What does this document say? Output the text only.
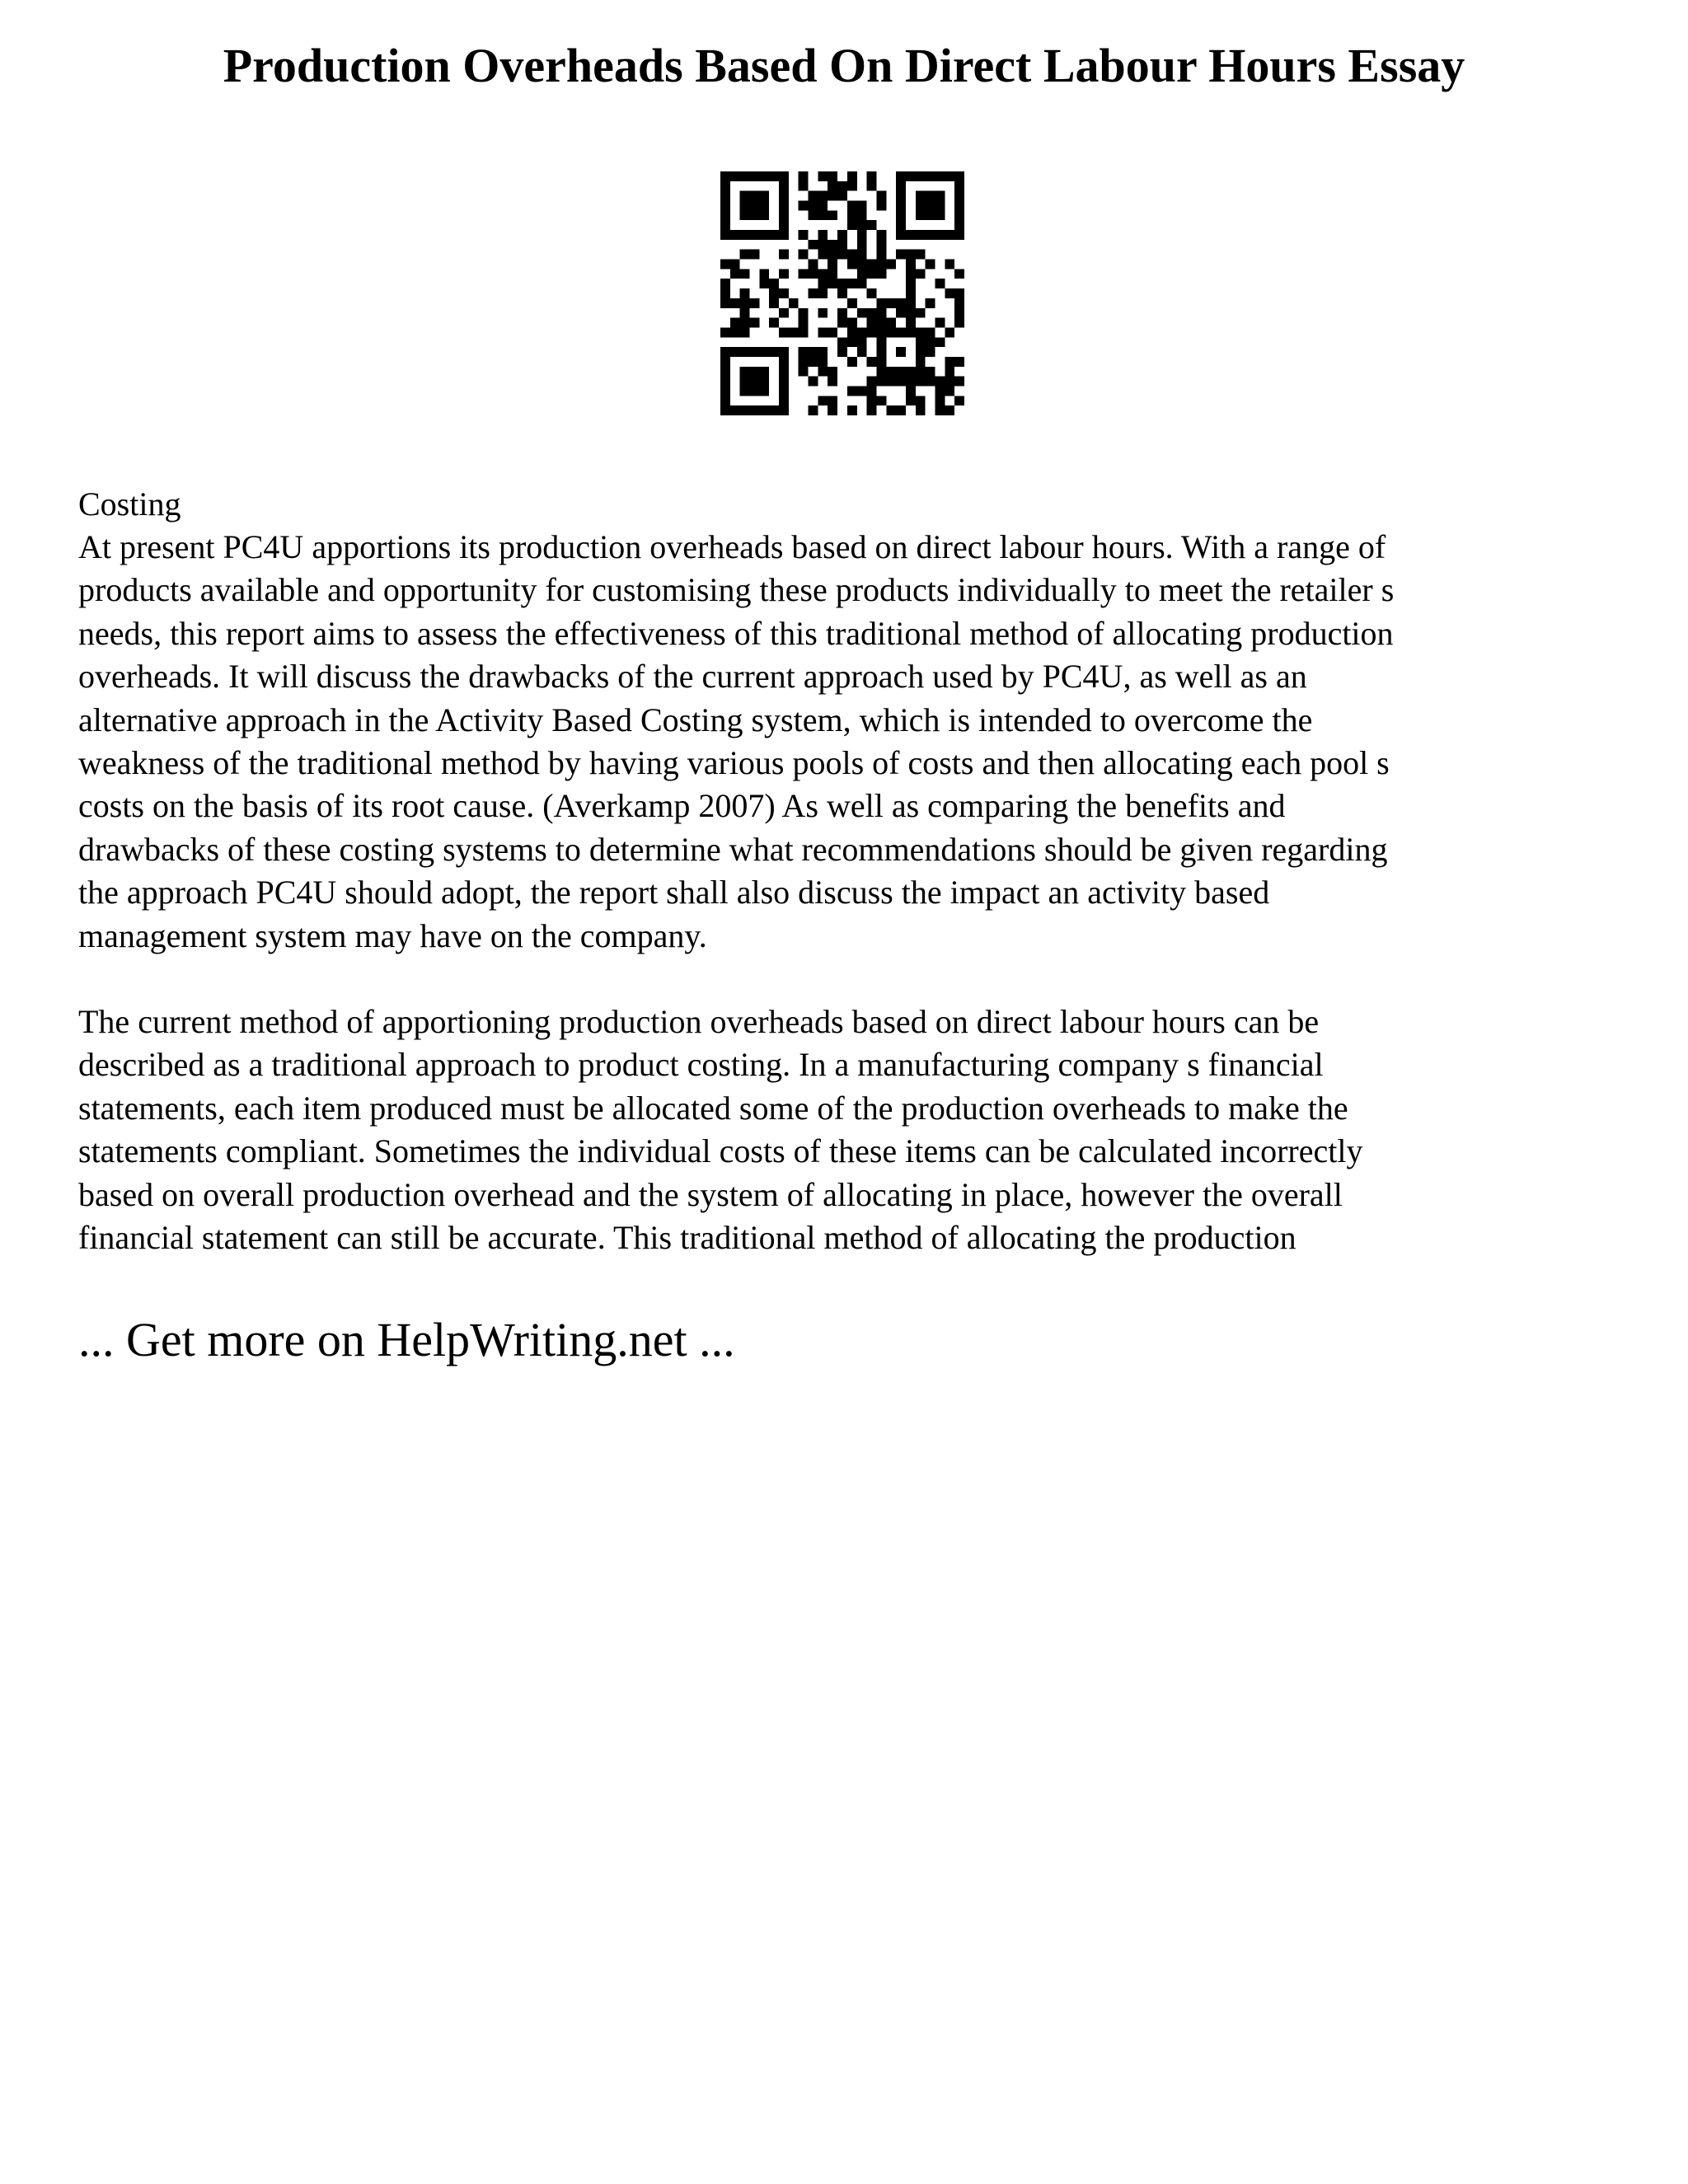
Production Overheads Based On Direct Labour Hours Essay

Costing

At present PC4U apportions its production overheads based on direct labour hours. With a range of
products available and opportunity for customising these products individually to meet the retailer s
needs, this report aims to assess the effectiveness of this traditional method of allocating production
overheads. It will discuss the drawbacks of the current approach used by PC4U, as well as an
alternative approach in the Activity Based Costing system, which is intended to overcome the
weakness of the traditional method by having various pools of costs and then allocating each pool s
costs on the basis of its root cause. (Averkamp 2007) As well as comparing the benefits and
drawbacks of these costing systems to determine what recommendations should be given regarding
the approach PC4U should adopt, the report shall also discuss the impact an activity based
management system may have on the company.

The current method of apportioning production overheads based on direct labour hours can be
described as a traditional approach to product costing. In a manufacturing company s financial
statements, each item produced must be allocated some of the production overheads to make the
statements compliant. Sometimes the individual costs of these items can be calculated incorrectly
based on overall production overhead and the system of allocating in place, however the overall
financial statement can still be accurate. This traditional method of allocating the production

... Get more on HelpWriting.net ...
